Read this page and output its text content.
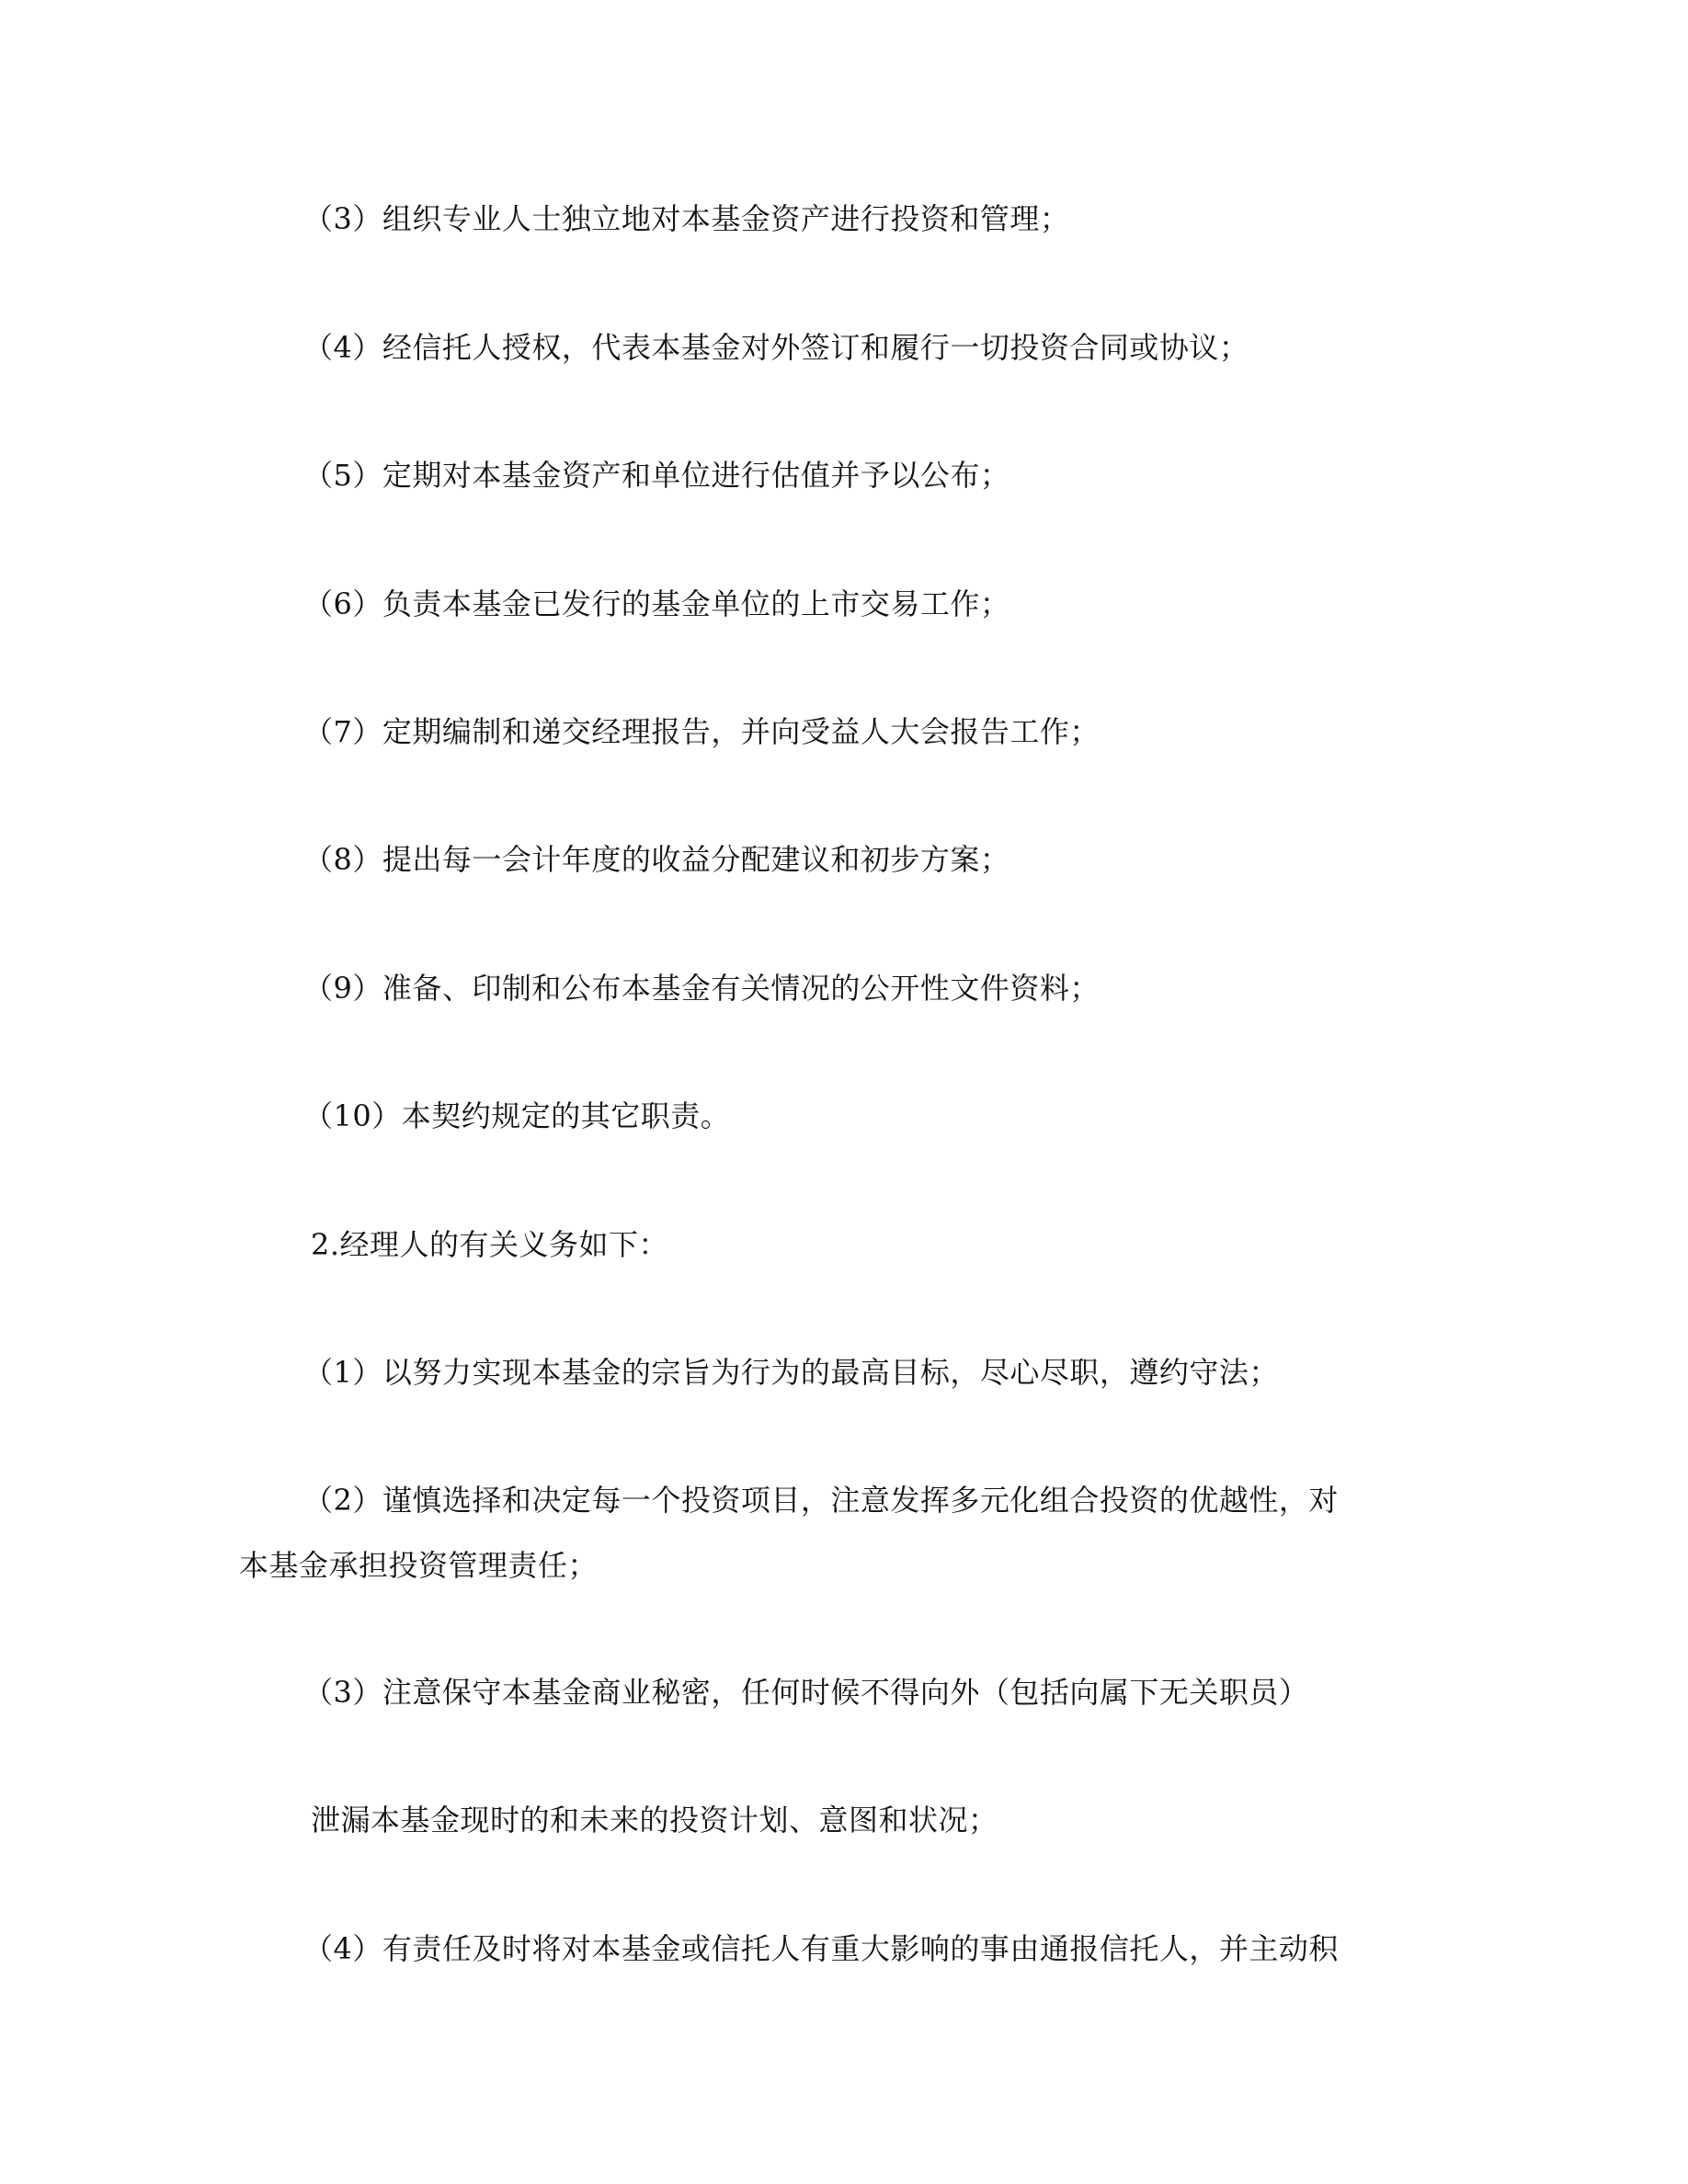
（3）组织专业人士独立地对本基金资产进行投资和管理；
（4）经信托人授权，代表本基金对外签订和履行一切投资合同或协议；
（5）定期对本基金资产和单位进行估值并予以公布；
（6）负责本基金已发行的基金单位的上市交易工作；
（7）定期编制和递交经理报告，并向受益人大会报告工作；
（8）提出每一会计年度的收益分配建议和初步方案；
（9）准备、印制和公布本基金有关情况的公开性文件资料；
（10）本契约规定的其它职责。
2.经理人的有关义务如下：
（1）以努力实现本基金的宗旨为行为的最高目标，尽心尽职，遵约守法；
（2）谨慎选择和决定每一个投资项目，注意发挥多元化组合投资的优越性，对
本基金承担投资管理责任；
（3）注意保守本基金商业秘密，任何时候不得向外（包括向属下无关职员）
泄漏本基金现时的和未来的投资计划、意图和状况；
（4）有责任及时将对本基金或信托人有重大影响的事由通报信托人，并主动积
